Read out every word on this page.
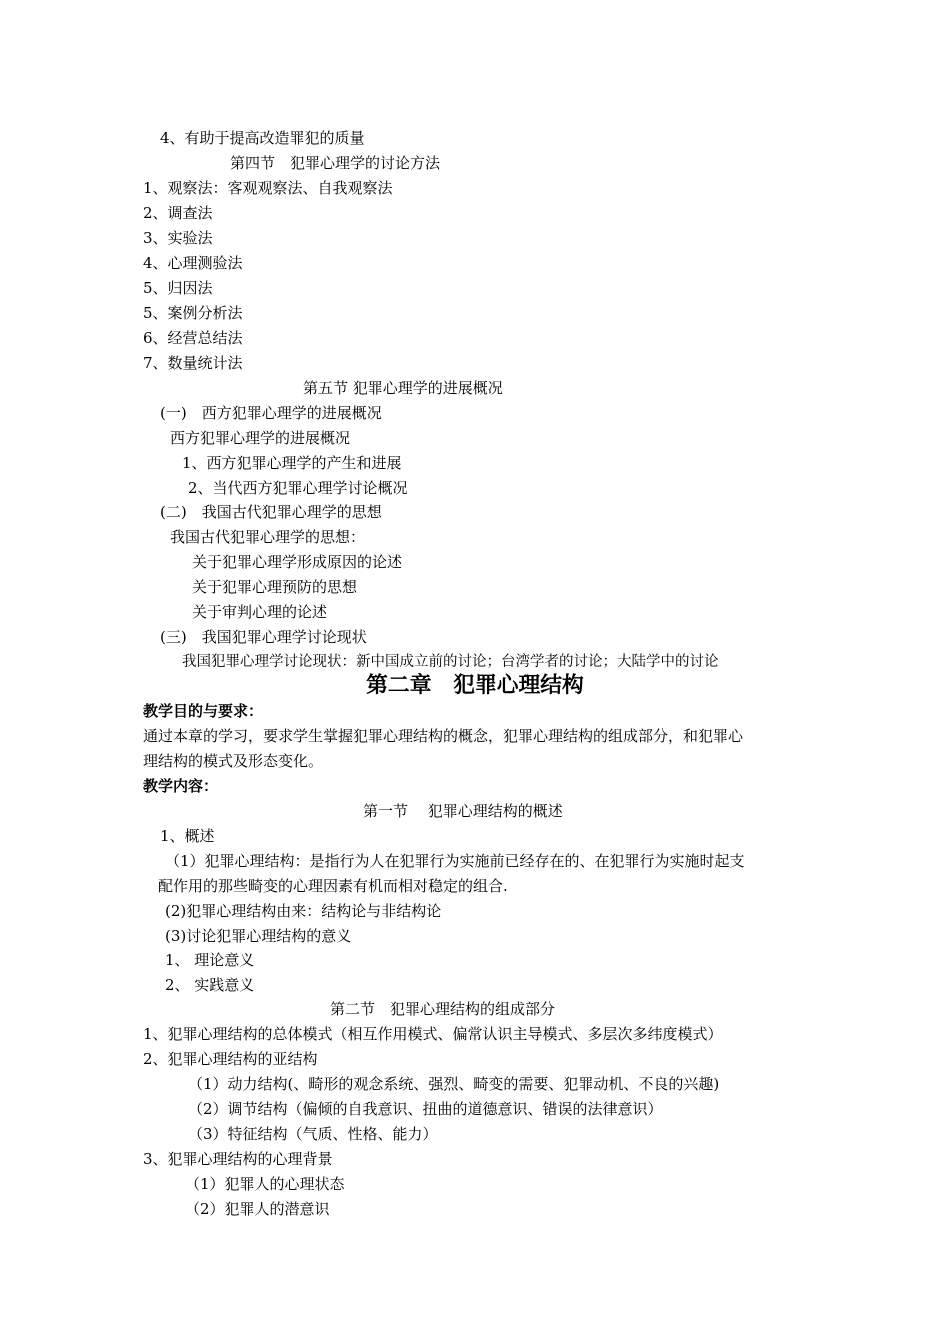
4、有助于提高改造罪犯的质量
第四节　犯罪心理学的讨论方法
1、观察法：客观观察法、自我观察法
2、调查法
3、实验法
4、心理测验法
5、归因法
5、案例分析法
6、经营总结法
7、数量统计法
第五节 犯罪心理学的进展概况
(一)　西方犯罪心理学的进展概况
西方犯罪心理学的进展概况
1、西方犯罪心理学的产生和进展
2、当代西方犯罪心理学讨论概况
(二)　我国古代犯罪心理学的思想
我国古代犯罪心理学的思想：
关于犯罪心理学形成原因的论述
关于犯罪心理预防的思想
关于审判心理的论述
(三)　我国犯罪心理学讨论现状
我国犯罪心理学讨论现状：新中国成立前的讨论；台湾学者的讨论；大陆学中的讨论
第二章　犯罪心理结构
教学目的与要求：
通过本章的学习，要求学生掌握犯罪心理结构的概念，犯罪心理结构的组成部分，和犯罪心
理结构的模式及形态变化。
教学内容：
第一节　 犯罪心理结构的概述
1、概述
（1）犯罪心理结构：是指行为人在犯罪行为实施前已经存在的、在犯罪行为实施时起支
配作用的那些畸变的心理因素有机而相对稳定的组合.
(2)犯罪心理结构由来：结构论与非结构论
(3)讨论犯罪心理结构的意义
1、 理论意义
2、 实践意义
第二节　犯罪心理结构的组成部分
1、犯罪心理结构的总体模式（相互作用模式、偏常认识主导模式、多层次多纬度模式）
2、犯罪心理结构的亚结构
（1）动力结构(、畸形的观念系统、强烈、畸变的需要、犯罪动机、不良的兴趣)
（2）调节结构（偏倾的自我意识、扭曲的道德意识、错误的法律意识）
（3）特征结构（气质、性格、能力）
3、犯罪心理结构的心理背景
（1）犯罪人的心理状态
（2）犯罪人的潜意识
